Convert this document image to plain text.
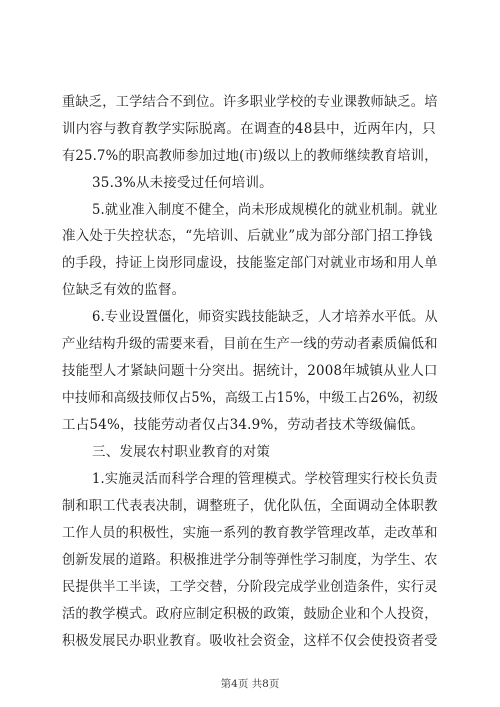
重缺乏，工学结合不到位。许多职业学校的专业课教师缺乏。培
训内容与教育教学实际脱离。在调查的48县中，近两年内，只
有25.7%的职高教师参加过地(市)级以上的教师继续教育培训，
35.3%从未接受过任何培训。
5.就业准入制度不健全，尚未形成规模化的就业机制。就业
准入处于失控状态，“先培训、后就业”成为部分部门招工挣钱
的手段，持证上岗形同虚设，技能鉴定部门对就业市场和用人单
位缺乏有效的监督。
6.专业设置僵化，师资实践技能缺乏，人才培养水平低。从
产业结构升级的需要来看，目前在生产一线的劳动者素质偏低和
技能型人才紧缺问题十分突出。据统计，2008年城镇从业人口
中技师和高级技师仅占5%，高级工占15%，中级工占26%，初级
工占54%，技能劳动者仅占34.9%，劳动者技术等级偏低。
三、发展农村职业教育的对策
1.实施灵活而科学合理的管理模式。学校管理实行校长负责
制和职工代表表决制，调整班子，优化队伍，全面调动全体职教
工作人员的积极性，实施一系列的教育教学管理改革，走改革和
创新发展的道路。积极推进学分制等弹性学习制度，为学生、农
民提供半工半读，工学交替，分阶段完成学业创造条件，实行灵
活的教学模式。政府应制定积极的政策，鼓励企业和个人投资，
积极发展民办职业教育。吸收社会资金，这样不仅会使投资者受
第4页 共8页
